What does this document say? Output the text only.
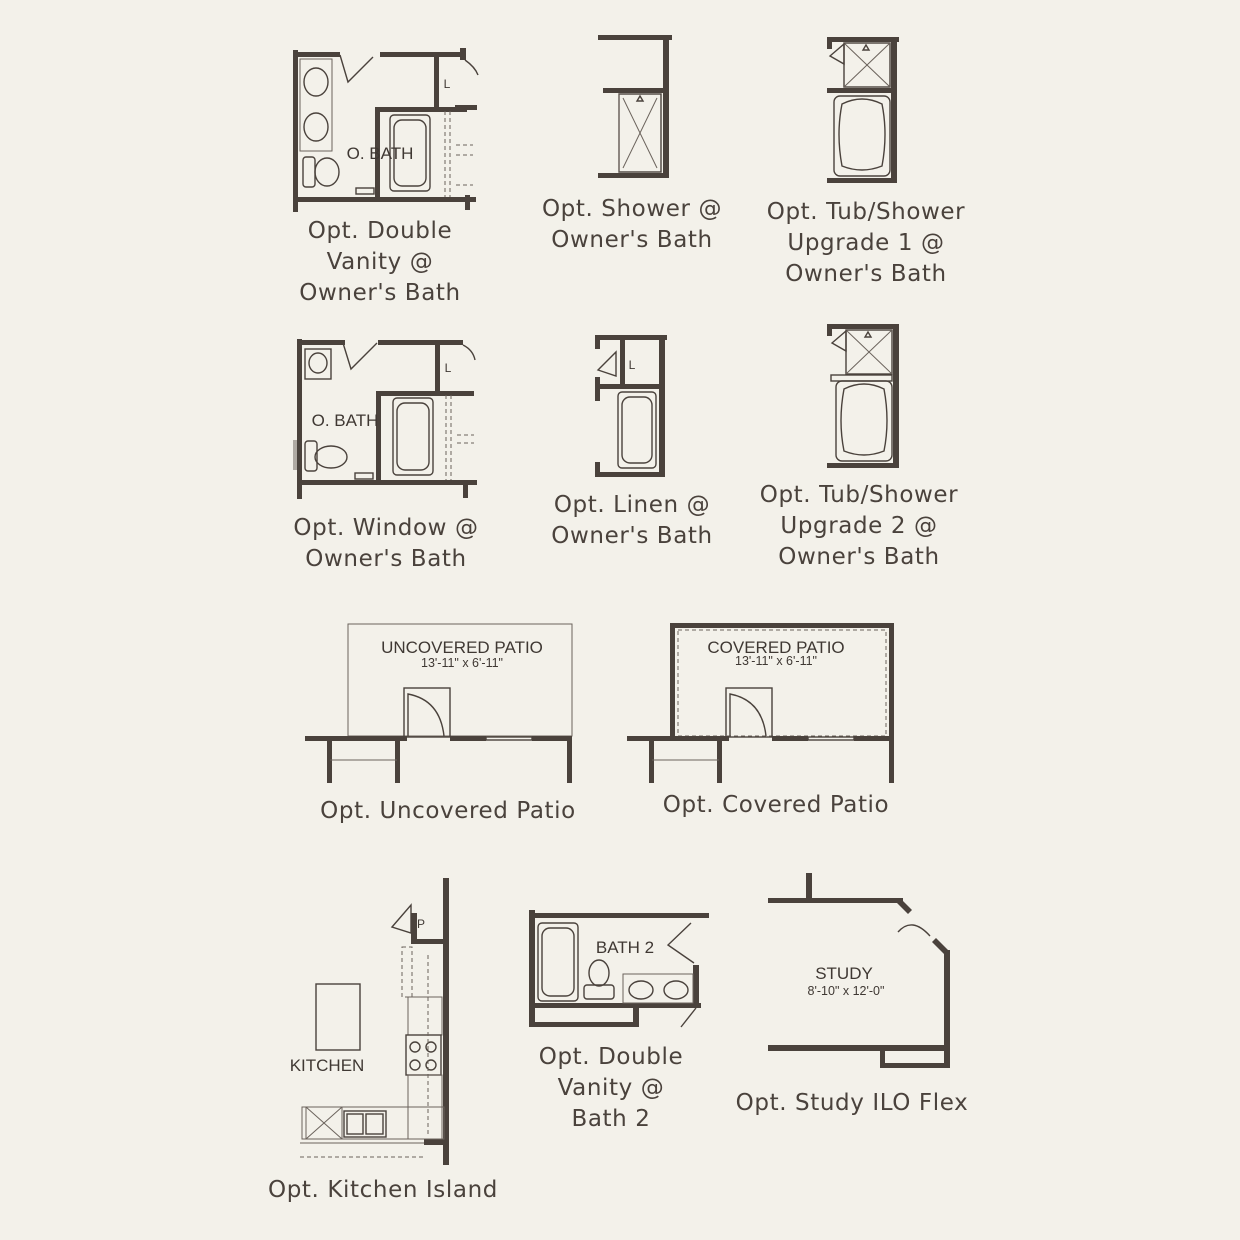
O. BATH
L
Opt. Double
Vanity @
Owner's Bath
Opt. Shower @
Owner's Bath
Opt. Tub/Shower
Upgrade 1 @
Owner's Bath
O. BATH
L
Opt. Window @
Owner's Bath
L
Opt. Linen @
Owner's Bath
Opt. Tub/Shower
Upgrade 2 @
Owner's Bath
UNCOVERED PATIO
13'-11" x 6'-11"
Opt. Uncovered Patio
COVERED PATIO
13'-11" x 6'-11"
Opt. Covered Patio
KITCHEN
P
Opt. Kitchen Island
BATH 2
Opt. Double
Vanity @
Bath 2
STUDY
8'-10" x 12'-0"
Opt. Study ILO Flex
